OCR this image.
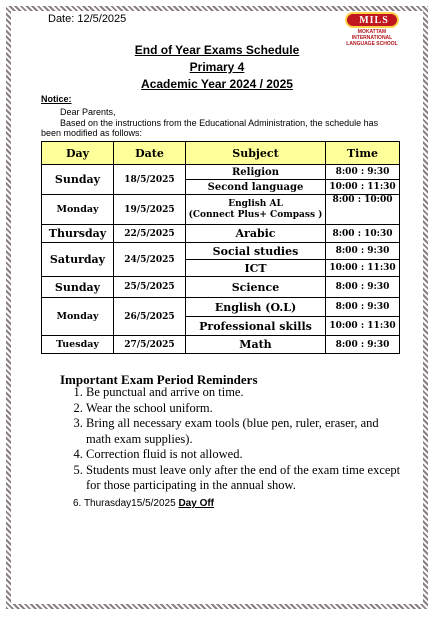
Date: 12/5/2025	MILS
MOKATTAM INTERNATIONAL LANGUAGE SCHOOL
End of Year Exams Schedule
Primary 4
Academic Year 2024 / 2025
Notice:
Dear Parents,
Based on the instructions from the Educational Administration, the schedule has
been modified as follows:
Day	Date	Subject	Time
Sunday	18/5/2025	Religion	8:00 : 9:30
		Second language	10:00 : 11:30
Monday	19/5/2025	English AL
(Connect Plus+ Compass )	8:00 : 10:00
Thursday	22/5/2025	Arabic	8:00 : 10:30
Saturday	24/5/2025	Social studies	8:00 : 9:30
		ICT	10:00 : 11:30
Sunday	25/5/2025	Science	8:00 : 9:30
Monday	26/5/2025	English (O.L)	8:00 : 9:30
		Professional skills	10:00 : 11:30
Tuesday	27/5/2025	Math	8:00 : 9:30
Important Exam Period Reminders
1. Be punctual and arrive on time.
2. Wear the school uniform.
3. Bring all necessary exam tools (blue pen, ruler, eraser, and math exam supplies).
4. Correction fluid is not allowed.
5. Students must leave only after the end of the exam time except for those participating in the annual show.
6. Thurasday15/5/2025 Day Off
